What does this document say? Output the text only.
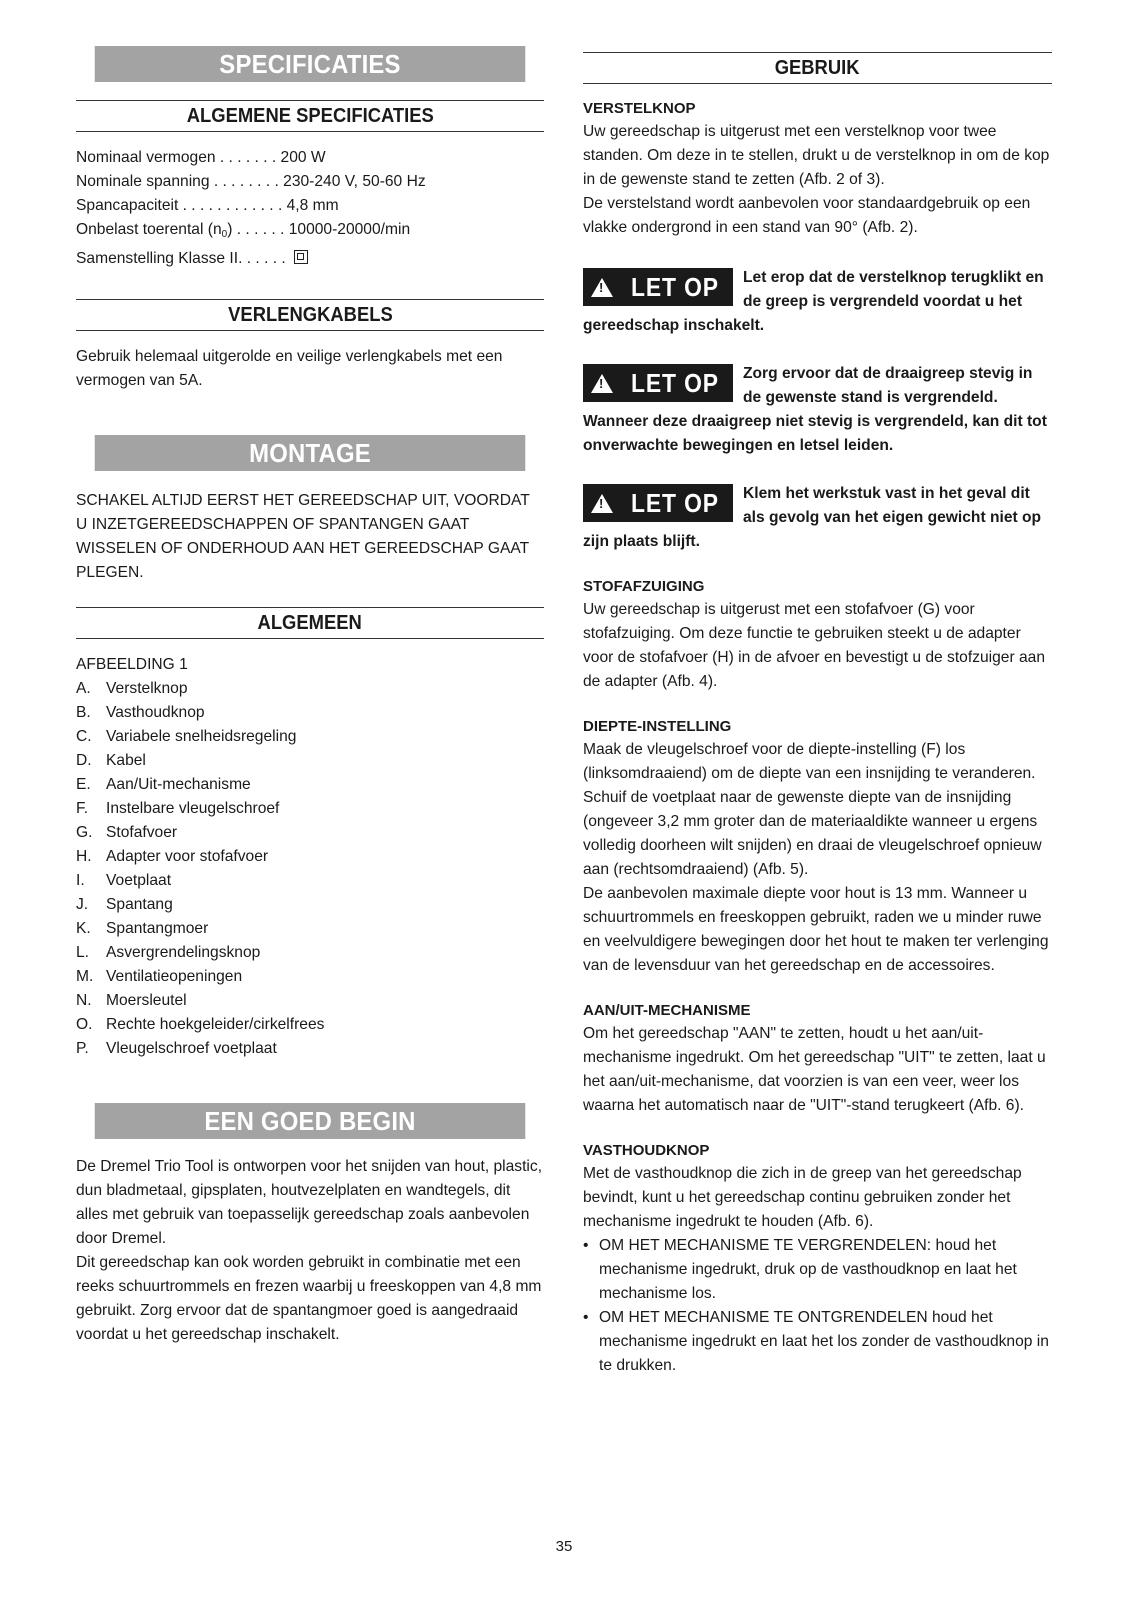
SPECIFICATIES
ALGEMENE SPECIFICATIES
Nominaal vermogen . . . . . . . 200 W
Nominale spanning . . . . . . . . 230-240 V, 50-60 Hz
Spancapaciteit . . . . . . . . . . . . 4,8 mm
Onbelast toerental (n0) . . . . . . 10000-20000/min
Samenstelling Klasse II. . . . . .
VERLENGKABELS

Gebruik helemaal uitgerolde en veilige verlengkabels met een vermogen van 5A.

MONTAGE

SCHAKEL ALTIJD EERST HET GEREEDSCHAP UIT, VOORDAT U INZETGEREEDSCHAPPEN OF SPANTANGEN GAAT WISSELEN OF ONDERHOUD AAN HET GEREEDSCHAP GAAT PLEGEN.

ALGEMEEN
AFBEELDING 1
A. Verstelknop
B. Vasthoudknop
C. Variabele snelheidsregeling
D. Kabel
E. Aan/Uit-mechanisme
F.	Instelbare vleugelschroef
G. Stofafvoer
H. Adapter voor stofafvoer
I.	Voetplaat
J.	Spantang
K. Spantangmoer
L.	Asvergrendelingsknop
M. Ventilatieopeningen
N. Moersleutel
O. Rechte hoekgeleider/cirkelfrees
P.	Vleugelschroef voetplaat
EEN GOED BEGIN

De Dremel Trio Tool is ontworpen voor het snijden van hout, plastic, dun bladmetaal, gipsplaten, houtvezelplaten en wandtegels, dit alles met gebruik van toepasselijk gereedschap zoals aanbevolen door Dremel.

Dit gereedschap kan ook worden gebruikt in combinatie met een reeks schuurtrommels en frezen waarbij u freeskoppen van 4,8 mm gebruikt. Zorg ervoor dat de spantangmoer goed is aangedraaid voordat u het gereedschap inschakelt.

GEBRUIK
VERSTELKNOP

Uw gereedschap is uitgerust met een verstelknop voor twee standen. Om deze in te stellen, drukt u de verstelknop in om de kop in de gewenste stand te zetten (Afb. 2 of 3).

De verstelstand wordt aanbevolen voor standaardgebruik op een vlakke ondergrond in een stand van 90° (Afb. 2).

!
LET OP Let erop dat de verstelknop terugklikt en de greep is vergrendeld voordat u het gereedschap inschakelt.
!
LET OP Zorg ervoor dat de draaigreep stevig in de gewenste stand is vergrendeld. Wanneer deze draaigreep niet stevig is vergrendeld, kan dit tot onverwachte bewegingen en letsel leiden.
!
LET OP Klem het werkstuk vast in het geval dit als gevolg van het eigen gewicht niet op zijn plaats blijft.
STOFAFZUIGING

Uw gereedschap is uitgerust met een stofafvoer (G) voor stofafzuiging. Om deze functie te gebruiken steekt u de adapter voor de stofafvoer (H) in de afvoer en bevestigt u de stofzuiger aan de adapter (Afb. 4).

DIEPTE-INSTELLING

Maak de vleugelschroef voor de diepte-instelling (F) los (linksomdraaiend) om de diepte van een insnijding te veranderen. Schuif de voetplaat naar de gewenste diepte van de insnijding (ongeveer 3,2 mm groter dan de materiaaldikte wanneer u ergens volledig doorheen wilt snijden) en draai de vleugelschroef opnieuw aan (rechtsomdraaiend) (Afb. 5).

De aanbevolen maximale diepte voor hout is 13 mm. Wanneer u schuurtrommels en freeskoppen gebruikt, raden we u minder ruwe en veelvuldigere bewegingen door het hout te maken ter verlenging van de levensduur van het gereedschap en de accessoires.

AAN/UIT-MECHANISME

Om het gereedschap "AAN" te zetten, houdt u het aan/uit-mechanisme ingedrukt. Om het gereedschap "UIT" te zetten, laat u het aan/uit-mechanisme, dat voorzien is van een veer, weer los waarna het automatisch naar de "UIT"-stand terugkeert (Afb. 6).

VASTHOUDKNOP

Met de vasthoudknop die zich in de greep van het gereedschap bevindt, kunt u het gereedschap continu gebruiken zonder het mechanisme ingedrukt te houden (Afb. 6).

• OM HET MECHANISME TE VERGRENDELEN: houd het mechanisme ingedrukt, druk op de vasthoudknop en laat het mechanisme los.
• OM HET MECHANISME TE ONTGRENDELEN houd het mechanisme ingedrukt en laat het los zonder de vasthoudknop in te drukken.
35
